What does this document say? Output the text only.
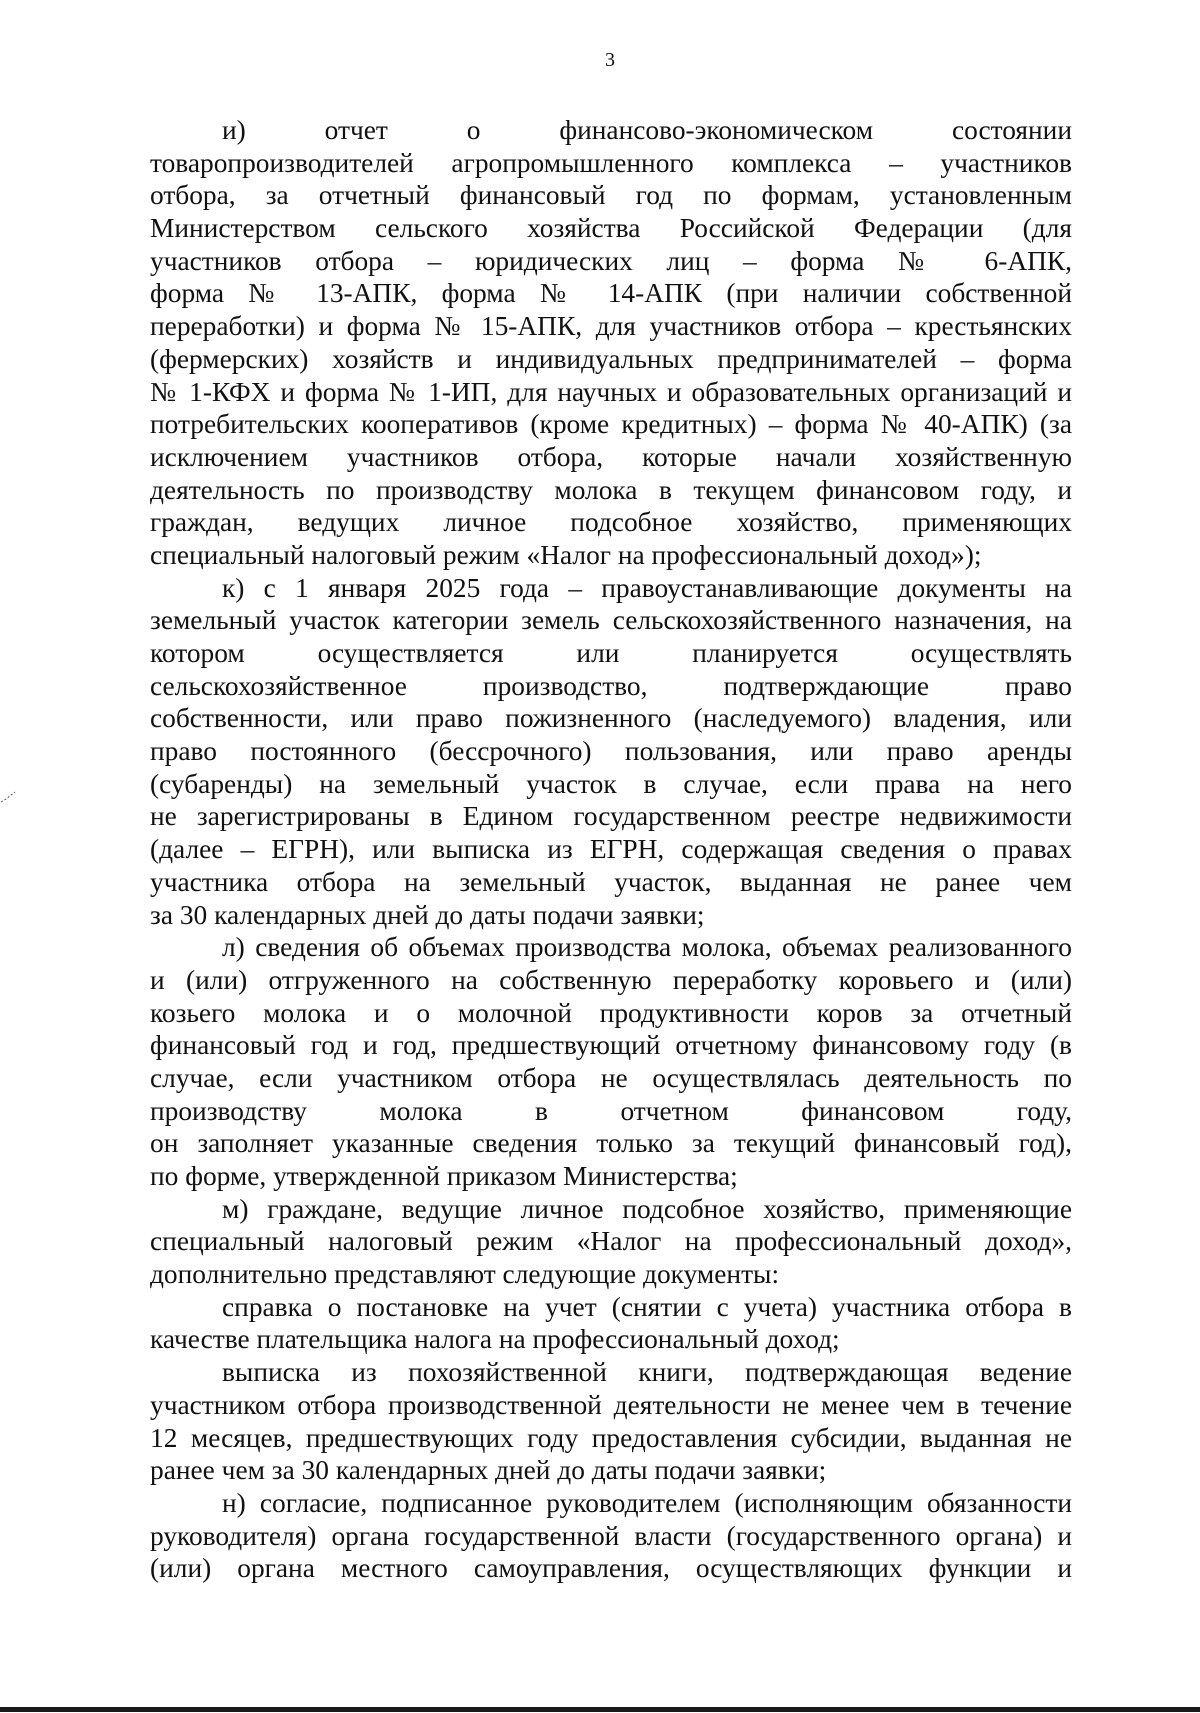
3
и) отчет о финансово-экономическом состоянии
товаропроизводителей агропромышленного комплекса – участников
отбора, за отчетный финансовый год по формам, установленным
Министерством сельского хозяйства Российской Федерации (для
участников отбора – юридических лиц – форма № 6-АПК,
форма № 13-АПК, форма № 14-АПК (при наличии собственной
переработки) и форма № 15-АПК, для участников отбора – крестьянских
(фермерских) хозяйств и индивидуальных предпринимателей – форма
№ 1-КФХ и форма № 1-ИП, для научных и образовательных организаций и
потребительских кооперативов (кроме кредитных) – форма № 40-АПК) (за
исключением участников отбора, которые начали хозяйственную
деятельность по производству молока в текущем финансовом году, и
граждан, ведущих личное подсобное хозяйство, применяющих
специальный налоговый режим «Налог на профессиональный доход»);
к) с 1 января 2025 года – правоустанавливающие документы на
земельный участок категории земель сельскохозяйственного назначения, на
котором осуществляется или планируется осуществлять
сельскохозяйственное производство, подтверждающие право
собственности, или право пожизненного (наследуемого) владения, или
право постоянного (бессрочного) пользования, или право аренды
(субаренды) на земельный участок в случае, если права на него
не зарегистрированы в Едином государственном реестре недвижимости
(далее – ЕГРН), или выписка из ЕГРН, содержащая сведения о правах
участника отбора на земельный участок, выданная не ранее чем
за 30 календарных дней до даты подачи заявки;
л) сведения об объемах производства молока, объемах реализованного
и (или) отгруженного на собственную переработку коровьего и (или)
козьего молока и о молочной продуктивности коров за отчетный
финансовый год и год, предшествующий отчетному финансовому году (в
случае, если участником отбора не осуществлялась деятельность по
производству молока в отчетном финансовом году,
он заполняет указанные сведения только за текущий финансовый год),
по форме, утвержденной приказом Министерства;
м) граждане, ведущие личное подсобное хозяйство, применяющие
специальный налоговый режим «Налог на профессиональный доход»,
дополнительно представляют следующие документы:
справка о постановке на учет (снятии с учета) участника отбора в
качестве плательщика налога на профессиональный доход;
выписка из похозяйственной книги, подтверждающая ведение
участником отбора производственной деятельности не менее чем в течение
12 месяцев, предшествующих году предоставления субсидии, выданная не
ранее чем за 30 календарных дней до даты подачи заявки;
н) согласие, подписанное руководителем (исполняющим обязанности
руководителя) органа государственной власти (государственного органа) и
(или) органа местного самоуправления, осуществляющих функции и
